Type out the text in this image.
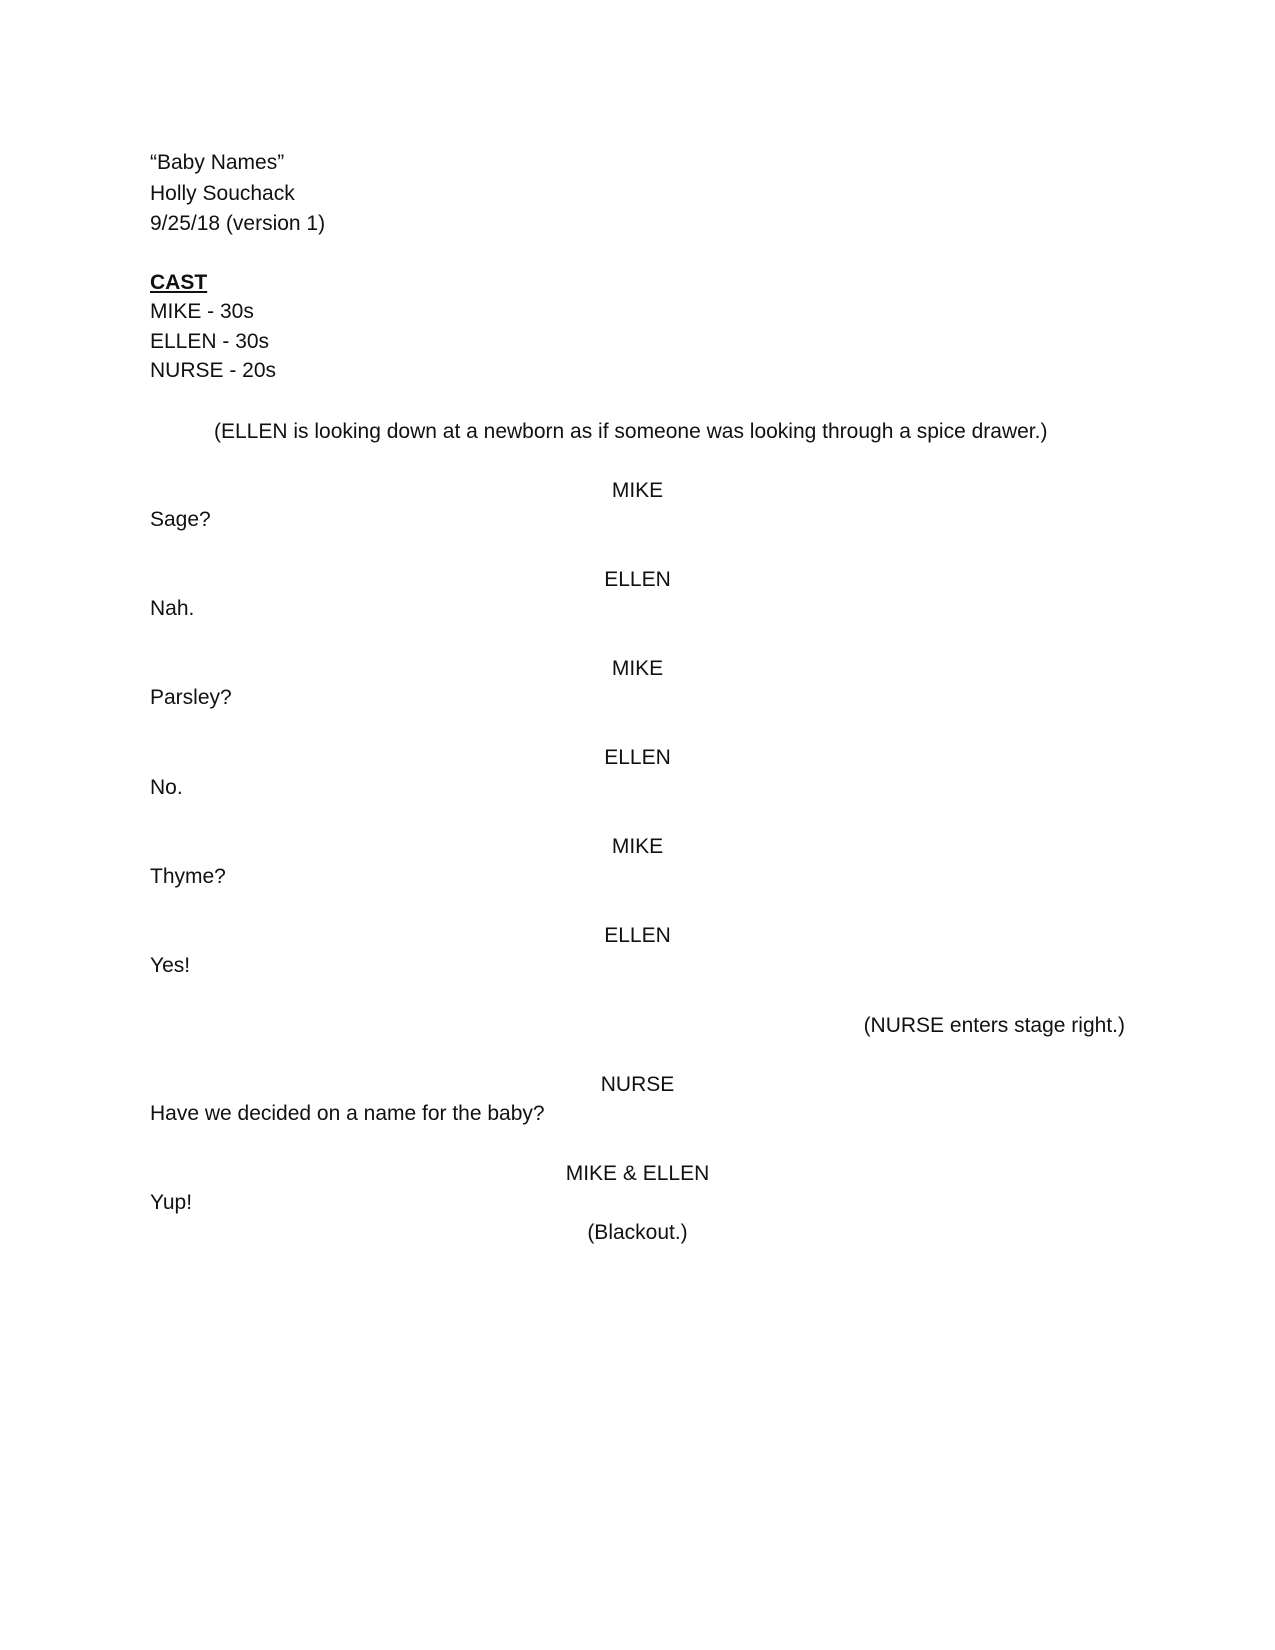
“Baby Names”
Holly Souchack
9/25/18 (version 1)
CAST
MIKE - 30s
ELLEN - 30s
NURSE - 20s
(ELLEN is looking down at a newborn as if someone was looking through a spice drawer.)
MIKE
Sage?
ELLEN
Nah.
MIKE
Parsley?
ELLEN
No.
MIKE
Thyme?
ELLEN
Yes!
(NURSE enters stage right.)
NURSE
Have we decided on a name for the baby?
MIKE & ELLEN
Yup!
(Blackout.)
